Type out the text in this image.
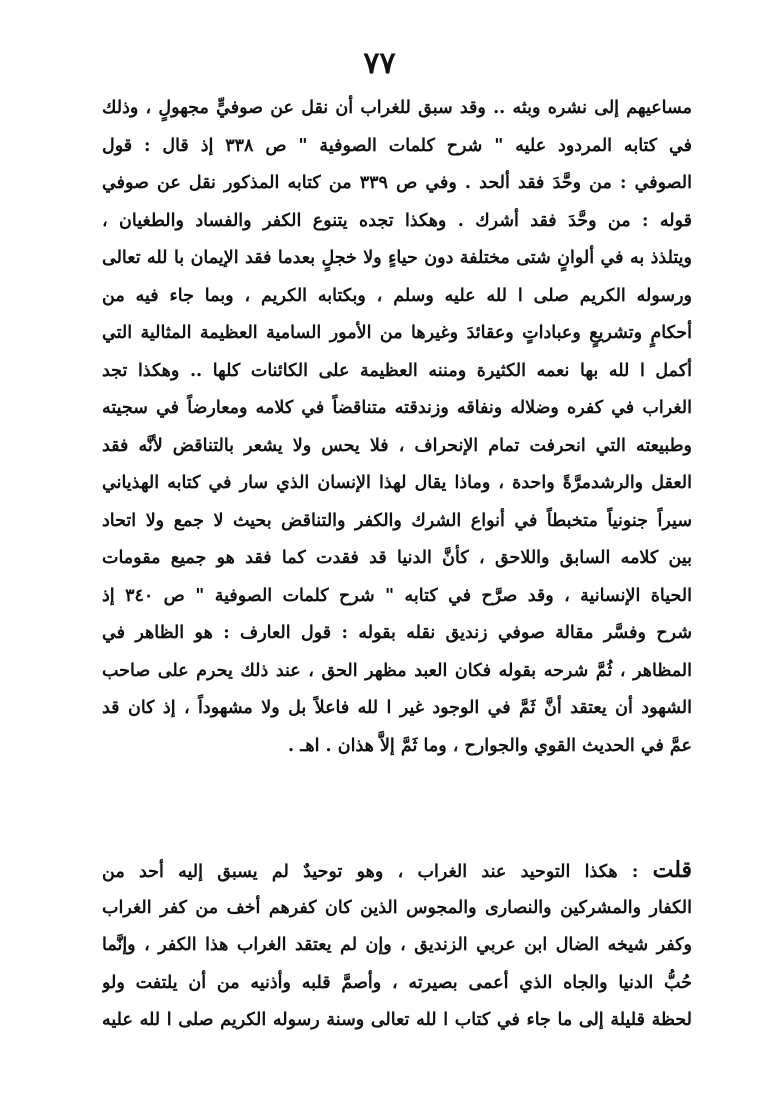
٧٧
مساعيهم إلى نشره وبثه .. وقد سبق للغراب أن نقل عن صوفيٍّ مجهولٍ ، وذلك
في كتابه المردود عليه " شرح كلمات الصوفية " ص ٣٣٨ إذ قال : قول
الصوفي : من وحَّدَ فقد ألحد . وفي ص ٣٣٩ من كتابه المذكور نقل عن صوفي
قوله : من وحَّدَ فقد أشرك . وهكذا تجده يتنوع الكفر والفساد والطغيان ،
ويتلذذ به في ألوانٍ شتى مختلفة دون حياءٍ ولا خجلٍ بعدما فقد الإيمان با لله تعالى
ورسوله الكريم صلى ا لله عليه وسلم ، وبكتابه الكريم ، وبما جاء فيه من
أحكامٍ وتشريعٍ وعباداتٍ وعقائدَ وغيرها من الأمور السامية العظيمة المثالية التي
أكمل ا لله بها نعمه الكثيرة ومننه العظيمة على الكائنات كلها .. وهكذا تجد
الغراب في كفره وضلاله ونفاقه وزندقته متناقضاً في كلامه ومعارضاً في سجيته
وطبيعته التي انحرفت تمام الإنحراف ، فلا يحس ولا يشعر بالتناقض لأنَّه فقد
العقل والرشدمرَّةً واحدة ، وماذا يقال لهذا الإنسان الذي سار في كتابه الهذياني
سيراً جنونياً متخبطاً في أنواع الشرك والكفر والتناقض بحيث لا جمع ولا اتحاد
بين كلامه السابق واللاحق ، كأنَّ الدنيا قد فقدت كما فقد هو جميع مقومات
الحياة الإنسانية ، وقد صرَّح في كتابه " شرح كلمات الصوفية " ص ٣٤٠ إذ
شرح وفسَّر مقالة صوفي زنديق نقله بقوله : قول العارف : هو الظاهر في
المظاهر ، ثُمَّ شرحه بقوله فكان العبد مظهر الحق ، عند ذلك يحرم على صاحب
الشهود أن يعتقد أنَّ ثَمَّ في الوجود غير ا لله فاعلاً بل ولا مشهوداً ، إذ كان قد
عمَّ في الحديث القوي والجوارح ، وما ثَمَّ إلاَّ هذان . اهـ .
قلت : هكذا التوحيد عند الغراب ، وهو توحيدٌ لم يسبق إليه أحد من
الكفار والمشركين والنصارى والمجوس الذين كان كفرهم أخف من كفر الغراب
وكفر شيخه الضال ابن عربي الزنديق ، وإن لم يعتقد الغراب هذا الكفر ، وإنَّما
حُبُّ الدنيا والجاه الذي أعمى بصيرته ، وأصمَّ قلبه وأذنيه من أن يلتفت ولو
لحظة قليلة إلى ما جاء في كتاب ا لله تعالى وسنة رسوله الكريم صلى ا لله عليه
